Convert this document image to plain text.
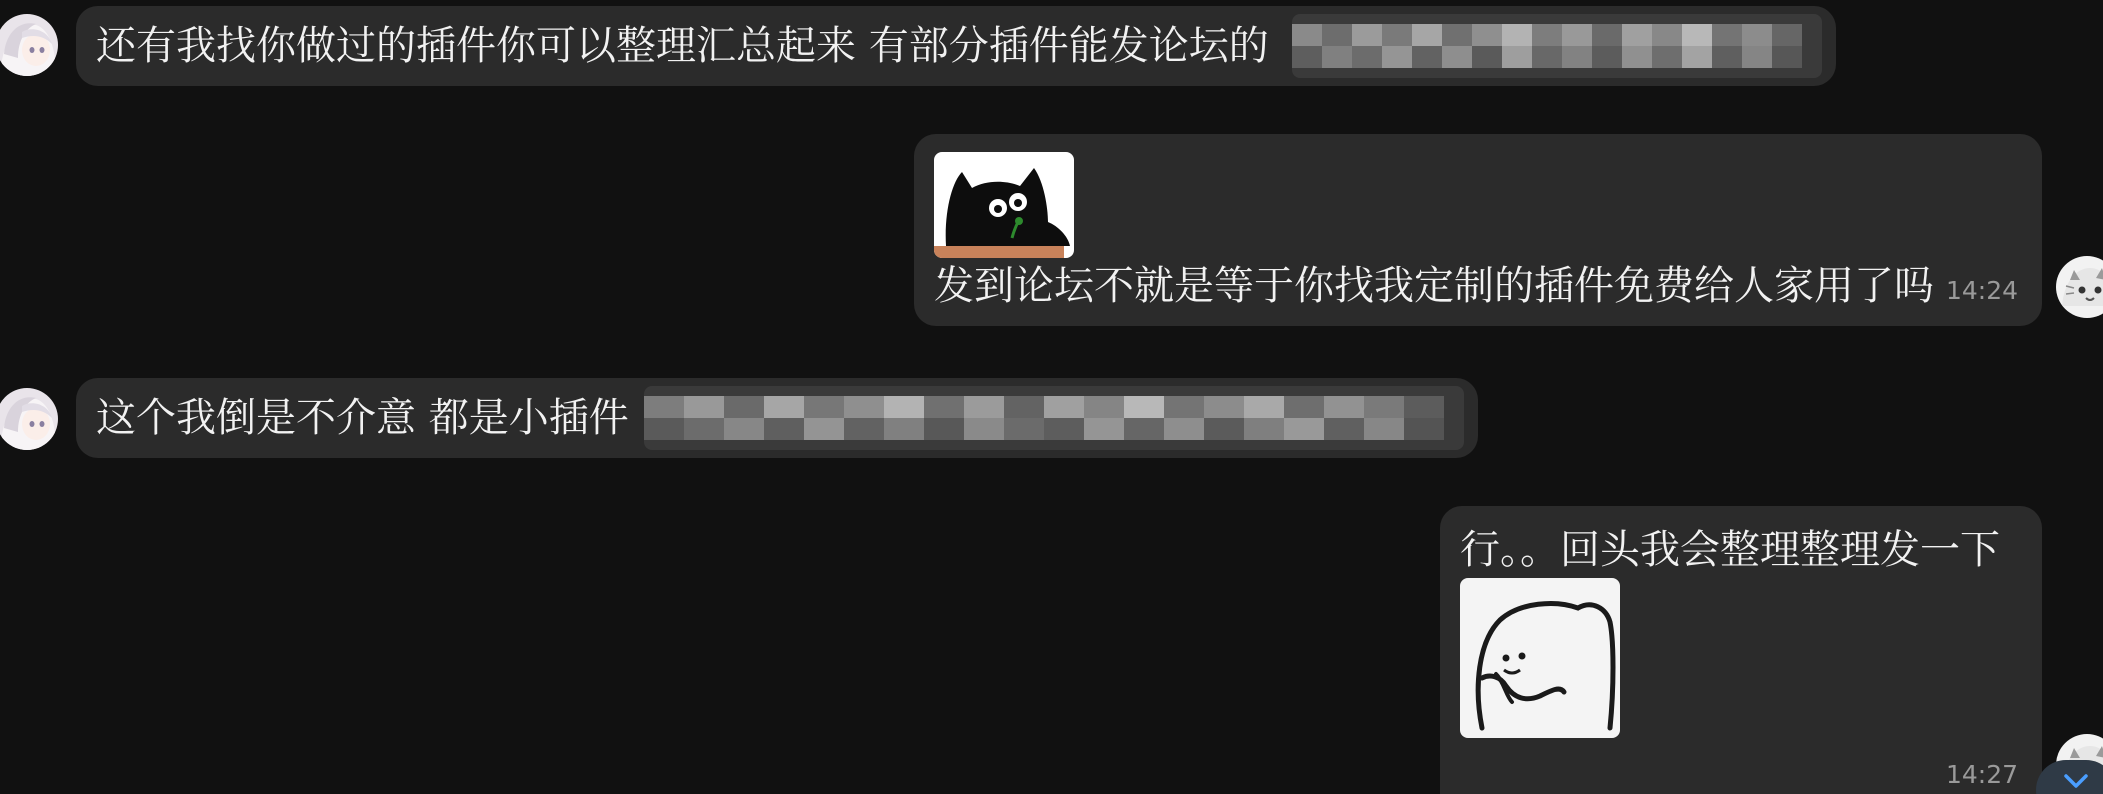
还有我找你做过的插件你可以整理汇总起来 有部分插件能发论坛的
发到论坛不就是等于你找我定制的插件免费给人家用了吗 14:24
这个我倒是不介意 都是小插件
行。。回头我会整理整理发一下
14:27
